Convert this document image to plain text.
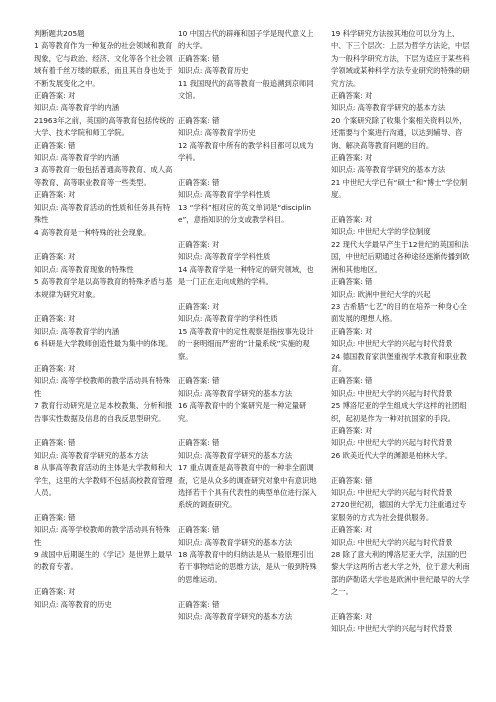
判断题共205题
1 高等教育作为一种复杂的社会领域和教育现象，它与政治、经济、文化等各个社会领域有着千丝万缕的联系，而且其自身也处于不断发展变化之中。
正确答案: 对
知识点: 高等教育学的内涵
21963年之前，英国的高等教育包括传统的大学、技术学院和师工学院。
正确答案: 错
知识点: 高等教育学的内涵
3 高等教育一般包括普通高等教育、成人高等教育、高等职业教育等一些类型。
正确答案: 对
知识点: 高等教育活动的性质和任务具有特殊性
4 高等教育是一种特殊的社会现象。
正确答案: 对
知识点: 高等教育现象的特殊性
5 高等教育学是以高等教育的特殊矛盾与基本规律为研究对象。
正确答案: 对
知识点: 高等教育学的内涵
6 科研是大学教师创造性最为集中的体现。
正确答案: 对
知识点: 高等学校教师的教学活动具有特殊性
7 教育行动研究是立足本校教集、分析和报告事实性数据及信息的自我反思型研究。
正确答案: 错
知识点: 高等教育学研究的基本方法
8 从事高等教育活动的主体是大学教师和大学生，这里的大学教师不包括高校教育管理人员。
正确答案: 错
知识点: 高等学校教师的教学活动具有特殊性
9 战国中后期诞生的《学记》是世界上最早的教育专著。
正确答案: 对
知识点: 高等教育的历史
10 中国古代的辟雍和国子学是现代意义上的大学。
正确答案: 错
知识点: 高等教育历史
11 我国现代的高等教育一般追溯到京师同文馆。
正确答案: 错
知识点: 高等教育学历史
12 高等教育中所有的教学科目都可以成为学科。
正确答案: 错
知识点: 高等教育学学科性质
13 “学科”相对应的英文单词是“discipline”，意指知识的分支或教学科目。
正确答案: 对
知识点: 高等教育学学科性质
14 高等教育学是一种特定的研究领域，也是一门正在走向成熟的学科。
正确答案: 对
知识点: 高等教育学的学科性质
15 高等教育中的定性观察是指按事先设计的一套明细而严密的“计量系统”实施的观察。
正确答案: 错
知识点: 高等教育学研究的基本方法
16 高等教育中的个案研究是一种定量研究。
正确答案: 错
知识点: 高等教育学研究的基本方法
17 重点调查是高等教育中的一种非全面调查，它是从众多的调查研究对象中有意识地选择若干个具有代表性的典型单位进行深入系统的调查研究。
正确答案: 错
知识点: 高等教育学研究的基本方法
18 高等教育中的归纳法是从一般原理引出若干事物结论的思维方法，是从一般到特殊的思维运动。
正确答案: 错
知识点: 高等教育学研究的基本方法
19 科学研究方法按其地位可以分为上、中、下三个层次：上层为哲学方法论，中层为一般科学研究方法，下层为适应于某些科学领域或某种科学方法专业研究的特殊的研究方法。
正确答案: 对
知识点: 高等教育学研究的基本方法
20 个案研究除了收集个案相关资料以外，还需要与个案进行沟通，以达到辅导、咨询、解决高等教育问题的目的。
正确答案: 对
知识点: 高等教育学研究的基本方法
21 中世纪大学已有“硕士”和“博士”学位制度。
正确答案: 对
知识点: 中世纪大学的学位制度
22 现代大学最早产生于12世纪的英国和法国，中世纪后期通过各种途径逐渐传播到欧洲和其他地区。
正确答案: 错
知识点: 欧洲中世纪大学的兴起
23 古希腊“七艺”的目的在培养一种身心全面发展的理想人格。
正确答案: 对
知识点: 中世纪大学的兴起与时代背景
24 德国教育家洪堡重视学术教育和职业教育。
正确答案: 错
知识点: 中世纪大学的兴起与时代背景
25 博洛尼亚的学生组成大学这样的社团组织，起初是作为一种对抗国家的手段。
正确答案: 对
知识点: 中世纪大学的兴起与时代背景
26 欧美近代大学的渊源是柏林大学。
正确答案: 错
知识点: 中世纪大学的兴起与时代背景
2720世纪初，德国的大学无力注重通过专家服务的方式为社会提供服务。
正确答案: 对
知识点: 中世纪大学的兴起与时代背景
28 除了意大利的博洛尼亚大学，法国的巴黎大学这两所古老大学之外，位于意大利南部的萨勒诺大学也是欧洲中世纪最早的大学之一。
正确答案: 对
知识点: 中世纪大学的兴起与时代背景
